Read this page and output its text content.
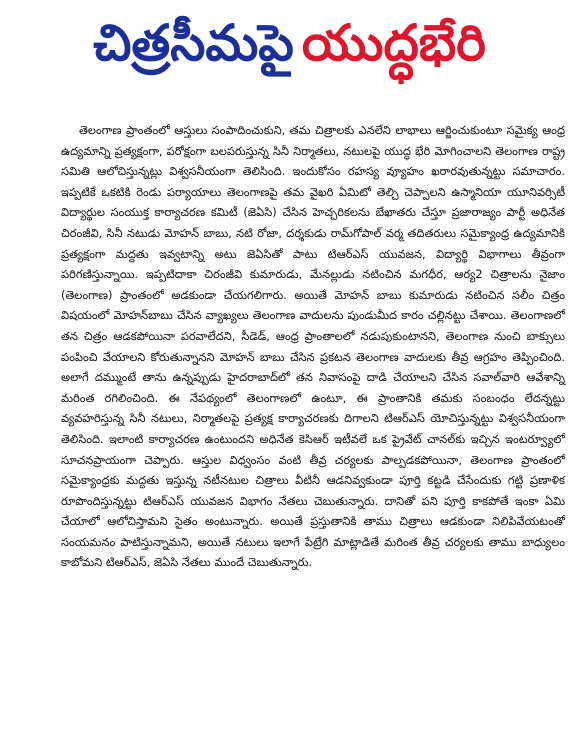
చిత్రసీమపై యుద్ధభేరి

తెలంగాణ ప్రాంతంలో ఆస్తులు సంపాదించుకుని, తమ చిత్రాలకు ఎనలేని లాభాలు ఆర్జించుకుంటూ సమైక్య ఆంధ్ర ఉద్యమాన్ని ప్రత్యక్షంగా, పరోక్షంగా బలపరుస్తున్న సినీ నిర్మాతలు, నటులపై యుద్ధ భేరి మోగించాలని తెలంగాణ రాష్ట్ర సమితి ఆలోచిస్తున్నట్లు విశ్వసనీయంగా తెలిసింది. ఇందుకోసం రహస్య వ్యూహం ఖరారవుతున్నట్టు సమాచారం. ఇప్పటికే ఒకటికి రెండు పర్యాయాలు తెలంగాణపై తమ వైఖరి ఏమిటో తెల్చి చెప్పాలని ఉస్మానియా యూనివర్సిటీ విద్యార్థుల సంయుక్త కార్యాచరణ కమిటీ (జెఏసి) చేసిన హెచ్చరికలను బేఖాతరు చేస్తూ ప్రజారాజ్యం పార్టీ అధినేత చిరంజీవి, సినీ నటుడు మోహన్ బాబు, నటి రోజా, దర్శకుడు రామ్‌గోపాల్ వర్మ తదితరులు సమైక్యాంధ్ర ఉద్యమానికి ప్రత్యక్షంగా మద్దతు ఇవ్వటాన్ని అటు జెఏసితో పాటు టిఆర్ఎస్ యువజన, విద్యార్థి విభాగాలు తీవ్రంగా పరిగణిస్తున్నాయి. ఇప్పటిదాకా చిరంజీవి కుమారుడు, మేనల్లుడు నటించిన మగధీర, ఆర్య2 చిత్రాలను నైజాం (తెలంగాణ) ప్రాంతంలో అడకుండా చేయగలిగారు. అయితే మోహన్ బాబు కుమారుడు నటించిన సలీం చిత్రం విషయంలో మోహన్‌బాబు చేసిన వ్యాఖ్యలు తెలంగాణ వాదులను పుండుమీద కారం చల్లినట్టు చేశాయి. తెలంగాణలో తన చిత్రం ఆడకపోయినా పరవాలేదని, సీడెడ్, ఆంధ్ర ప్రాంతాలలో నడుపుకుంటానని, తెలంగాణ నుంచి బాక్సులు పంపించి వేయాలని కోరుతున్నానని మోహన్ బాబు చేసిన ప్రకటన తెలంగాణ వాదులకు తీవ్ర ఆగ్రహం తెప్పించింది. అలాగే దమ్ముంటే తాను ఉన్నప్పుడు హైదరాబాద్‌లో తన నివాసంపై దాడి చేయాలని చేసిన సవాల్‌వారి ఆవేశాన్ని మరింత రగిలించింది. ఈ నేపథ్యంలో తెలంగాణలో ఉంటూ, ఈ ప్రాంతానికి తమకు సంబంధం లేదన్నట్టు వ్యవహరిస్తున్న సినీ నటులు, నిర్మాతలపై ప్రత్యక్ష కార్యాచరణకు దిగాలని టిఆర్ఎస్ యోచిస్తున్నట్టు విశ్వసనీయంగా తెలిసింది. ఇలాంటి కార్యాచరణ ఉంటుందని అధినేత కెసిఆర్ ఇటీవలే ఒక ప్రైవేట్ చానల్‌కు ఇచ్చిన ఇంటర్వ్యూలో సూచనప్రాయంగా చెప్పారు. ఆస్తుల విధ్వంసం వంటి తీవ్ర చర్యలకు పాల్పడకపోయినా, తెలంగాణ ప్రాంతంలో సమైక్యాంధ్రకు మద్దతు ఇస్తున్న నటీనటుల చిత్రాలు వీటినీ ఆడనివ్వకుండా పూర్తి కట్టడి చేసేందుకు గట్టి ప్రణాళిక రూపొందిస్తున్నట్టు టిఆర్ఎస్ యువజన విభాగం నేతలు చెబుతున్నారు. దానితో పని పూర్తి కాకపోతే ఇంకా ఏమి చేయాలో ఆలోచిస్తామని సైతం అంటున్నారు. అయితే ప్రస్తుతానికి తాము చిత్రాలు ఆడకుండా నిలిపివేయటంతో సంయమనం పాటిస్తున్నామని, అయితే నటులు ఇలాగే పేట్రేగి మాట్లాడితే మరింత తీవ్ర చర్యలకు తాము బాధ్యులం కాబోమని టిఆర్ఎస్, జెఏసి నేతలు ముందే చెబుతున్నారు.
